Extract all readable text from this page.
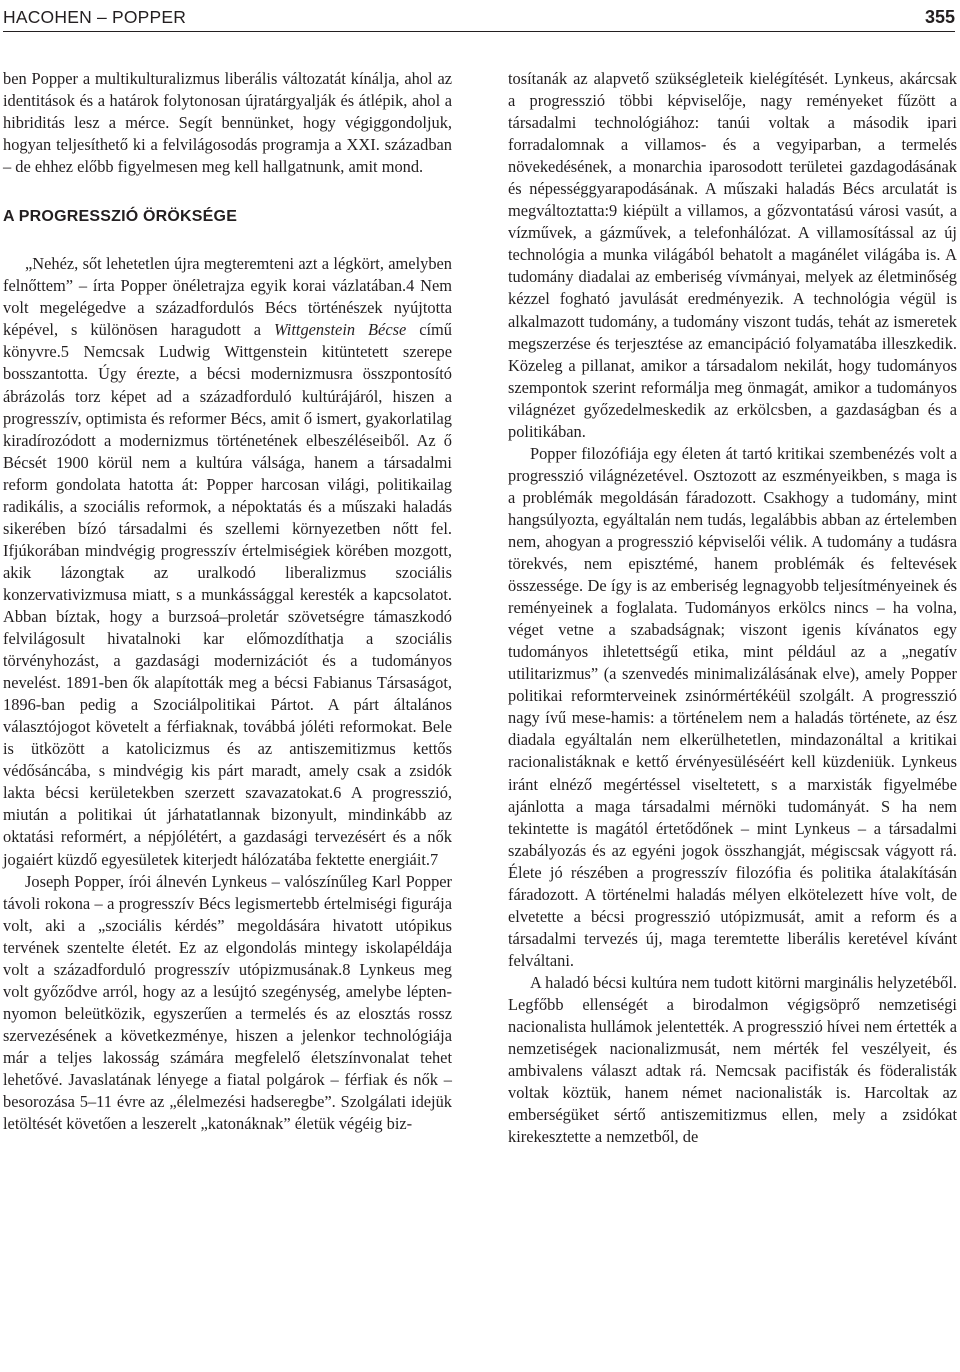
HACOHEN – POPPER	355

ben Popper a multikulturalizmus liberális változatát kínálja, ahol az identitások és a határok folytonosan újratárgyalják és átlépik, ahol a hibriditás lesz a mérce. Segít bennünket, hogy végiggondoljuk, hogyan teljesíthető ki a felvilágosodás programja a XXI. században – de ehhez előbb figyelmesen meg kell hallgatnunk, amit mond.

A PROGRESSZIÓ ÖRÖKSÉGE

„Nehéz, sőt lehetetlen újra megteremteni azt a légkört, amelyben felnőttem” – írta Popper önéletrajza egyik korai vázlatában.4 Nem volt megelégedve a századfordulós Bécs történészek nyújtotta képével, s különösen haragudott a Wittgenstein Bécse című könyvre.5 Nemcsak Ludwig Wittgenstein kitüntetett szerepe bosszantotta. Úgy érezte, a bécsi modernizmusra összpontosító ábrázolás torz képet ad a századforduló kultúrájáról, hiszen a progresszív, optimista és reformer Bécs, amit ő ismert, gyakorlatilag kiradírozódott a modernizmus történetének elbeszéléseiből. Az ő Bécsét 1900 körül nem a kultúra válsága, hanem a társadalmi reform gondolata hatotta át: Popper harcosan világi, politikailag radikális, a szociális reformok, a népoktatás és a műszaki haladás sikerében bízó társadalmi és szellemi környezetben nőtt fel. Ifjúkorában mindvégig progresszív értelmiségiek körében mozgott, akik lázongtak az uralkodó liberalizmus szociális konzervativizmusa miatt, s a munkássággal keresték a kapcsolatot. Abban bíztak, hogy a burzsoá–proletár szövetségre támaszkodó felvilágosult hivatalnoki kar előmozdíthatja a szociális törvényhozást, a gazdasági modernizációt és a tudományos nevelést. 1891-ben ők alapították meg a bécsi Fabianus Társaságot, 1896-ban pedig a Szociálpolitikai Pártot. A párt általános választójogot követelt a férfiaknak, továbbá jóléti reformokat. Bele is ütközött a katolicizmus és az antiszemitizmus kettős védősáncába, s mindvégig kis párt maradt, amely csak a zsidók lakta bécsi kerületekben szerzett szavazatokat.6 A progresszió, miután a politikai út járhatatlannak bizonyult, mindinkább az oktatási reformért, a népjólétért, a gazdasági tervezésért és a nők jogaiért küzdő egyesületek kiterjedt hálózatába fektette energiáit.7

Joseph Popper, írói álnevén Lynkeus – valószínűleg Karl Popper távoli rokona – a progresszív Bécs legismertebb értelmiségi figurája volt, aki a „szociális kérdés” megoldására hivatott utópikus tervének szentelte életét. Ez az elgondolás mintegy iskolapéldája volt a századforduló progresszív utópizmusának.8 Lynkeus meg volt győződve arról, hogy az a lesújtó szegénység, amelybe lépten-nyomon beleütközik, egyszerűen a termelés és az elosztás rossz szervezésének a következménye, hiszen a jelenkor technológiája már a teljes lakosság számára megfelelő életszínvonalat tehet lehetővé. Javaslatának lényege a fiatal polgárok – férfiak és nők – besorozása 5–11 évre az „élelmezési hadseregbe”. Szolgálati idejük letöltését követően a leszerelt „katonáknak” életük végéig biz-

tosítanák az alapvető szükségleteik kielégítését. Lynkeus, akárcsak a progresszió többi képviselője, nagy reményeket fűzött a társadalmi technológiához: tanúi voltak a második ipari forradalomnak a villamos- és a vegyiparban, a termelés növekedésének, a monarchia iparosodott területei gazdagodásának és népességgyarapodásának. A műszaki haladás Bécs arculatát is megváltoztatta:9 kiépült a villamos, a gőzvontatású városi vasút, a vízművek, a gázművek, a telefonhálózat. A villamosítással az új technológia a munka világából behatolt a magánélet világába is. A tudomány diadalai az emberiség vívmányai, melyek az életminőség kézzel fogható javulását eredményezik. A technológia végül is alkalmazott tudomány, a tudomány viszont tudás, tehát az ismeretek megszerzése és terjesztése az emancipáció folyamatába illeszkedik. Közeleg a pillanat, amikor a társadalom nekilát, hogy tudományos szempontok szerint reformálja meg önmagát, amikor a tudományos világnézet győzedelmeskedik az erkölcsben, a gazdaságban és a politikában.

Popper filozófiája egy életen át tartó kritikai szembenézés volt a progresszió világnézetével. Osztozott az eszményeikben, s maga is a problémák megoldásán fáradozott. Csakhogy a tudomány, mint hangsúlyozta, egyáltalán nem tudás, legalábbis abban az értelemben nem, ahogyan a progresszió képviselői vélik. A tudomány a tudásra törekvés, nem episztémé, hanem problémák és feltevések összessége. De így is az emberiség legnagyobb teljesítményeinek és reményeinek a foglalata. Tudományos erkölcs nincs – ha volna, véget vetne a szabadságnak; viszont igenis kívánatos egy tudományos ihletettségű etika, mint például az a „negatív utilitarizmus” (a szenvedés minimalizálásának elve), amely Popper politikai reformterveinek zsinórmértékéül szolgált. A progresszió nagy ívű mese-hamis: a történelem nem a haladás története, az ész diadala egyáltalán nem elkerülhetetlen, mindazonáltal a kritikai racionalistáknak e kettő érvényesüléséért kell küzdeniük. Lynkeus iránt elnéző megértéssel viseltetett, s a marxisták figyelmébe ajánlotta a maga társadalmi mérnöki tudományát. S ha nem tekintette is magától értetődőnek – mint Lynkeus – a társadalmi szabályozás és az egyéni jogok összhangját, mégiscsak vágyott rá. Élete jó részében a progresszív filozófia és politika átalakításán fáradozott. A történelmi haladás mélyen elkötelezett híve volt, de elvetette a bécsi progresszió utópizmusát, amit a reform és a társadalmi tervezés új, maga teremtette liberális keretével kívánt felváltani.

A haladó bécsi kultúra nem tudott kitörni marginális helyzetéből. Legfőbb ellenségét a birodalmon végigsöprő nemzetiségi nacionalista hullámok jelentették. A progresszió hívei nem értették a nemzetiségek nacionalizmusát, nem mérték fel veszélyeit, és ambivalens választ adtak rá. Nemcsak pacifisták és föderalisták voltak köztük, hanem német nacionalisták is. Harcoltak az emberségüket sértő antiszemitizmus ellen, mely a zsidókat kirekesztette a nemzetből, de
